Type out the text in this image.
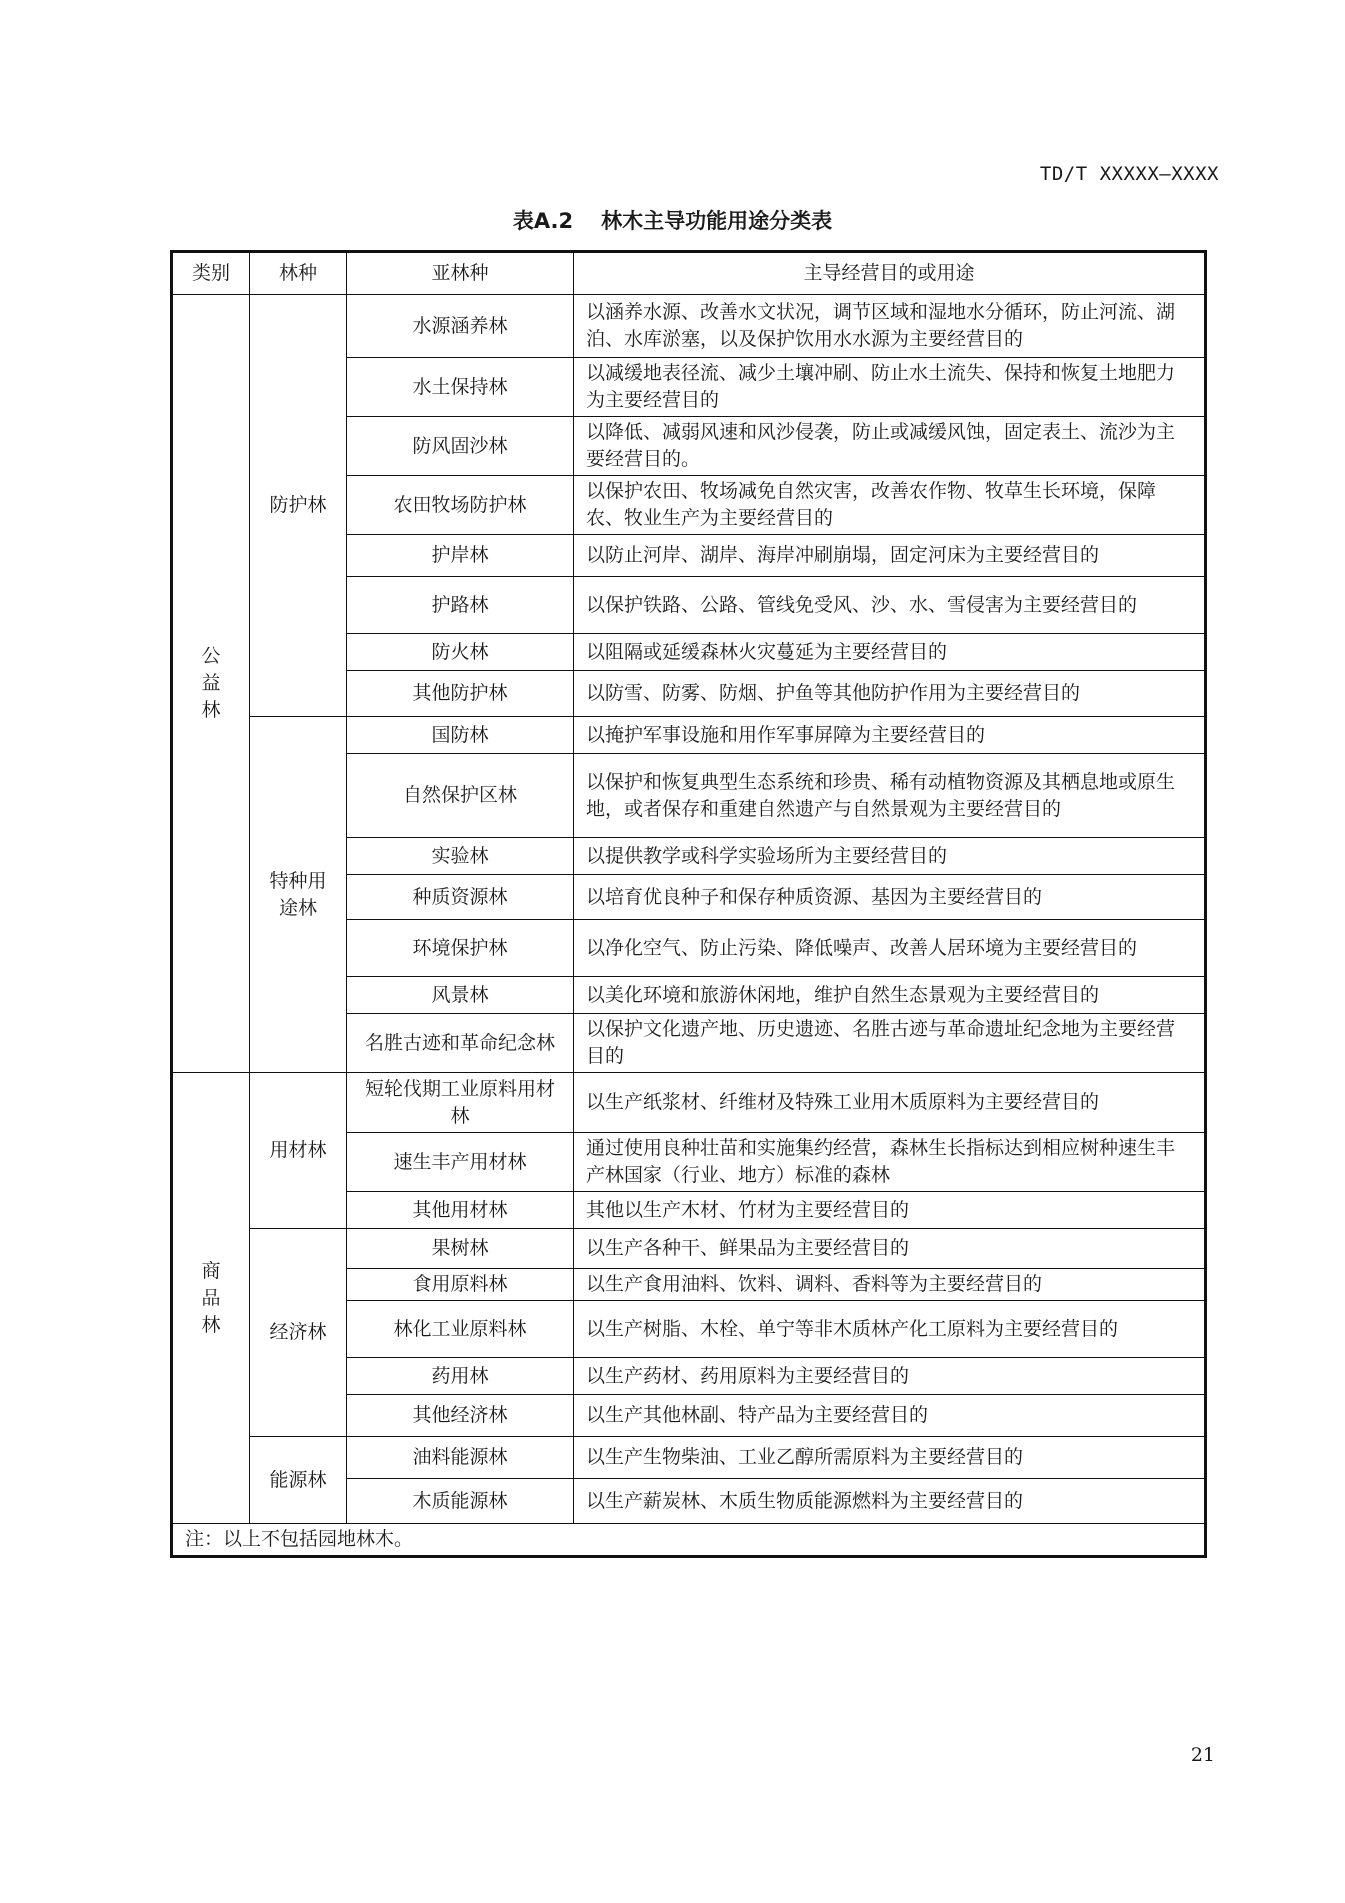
TD/T XXXXX—XXXX
表A.2 林木主导功能用途分类表
类别	林种	亚林种	主导经营目的或用途
公益林	防护林	水源涵养林	以涵养水源、改善水文状况，调节区域和湿地水分循环，防止河流、湖泊、水库淤塞，以及保护饮用水水源为主要经营目的
		水土保持林	以减缓地表径流、减少土壤冲刷、防止水土流失、保持和恢复土地肥力为主要经营目的
		防风固沙林	以降低、减弱风速和风沙侵袭，防止或减缓风蚀，固定表土、流沙为主要经营目的。
		农田牧场防护林	以保护农田、牧场减免自然灾害，改善农作物、牧草生长环境，保障农、牧业生产为主要经营目的
		护岸林	以防止河岸、湖岸、海岸冲刷崩塌，固定河床为主要经营目的
		护路林	以保护铁路、公路、管线免受风、沙、水、雪侵害为主要经营目的
		防火林	以阻隔或延缓森林火灾蔓延为主要经营目的
		其他防护林	以防雪、防雾、防烟、护鱼等其他防护作用为主要经营目的
	特种用途林	国防林	以掩护军事设施和用作军事屏障为主要经营目的
		自然保护区林	以保护和恢复典型生态系统和珍贵、稀有动植物资源及其栖息地或原生地，或者保存和重建自然遗产与自然景观为主要经营目的
		实验林	以提供教学或科学实验场所为主要经营目的
		种质资源林	以培育优良种子和保存种质资源、基因为主要经营目的
		环境保护林	以净化空气、防止污染、降低噪声、改善人居环境为主要经营目的
		风景林	以美化环境和旅游休闲地，维护自然生态景观为主要经营目的
		名胜古迹和革命纪念林	以保护文化遗产地、历史遗迹、名胜古迹与革命遗址纪念地为主要经营目的
商品林	用材林	短轮伐期工业原料用材林	以生产纸浆材、纤维材及特殊工业用木质原料为主要经营目的
		速生丰产用材林	通过使用良种壮苗和实施集约经营，森林生长指标达到相应树种速生丰产林国家（行业、地方）标准的森林
		其他用材林	其他以生产木材、竹材为主要经营目的
	经济林	果树林	以生产各种干、鲜果品为主要经营目的
		食用原料林	以生产食用油料、饮料、调料、香料等为主要经营目的
		林化工业原料林	以生产树脂、木栓、单宁等非木质林产化工原料为主要经营目的
		药用林	以生产药材、药用原料为主要经营目的
		其他经济林	以生产其他林副、特产品为主要经营目的
	能源林	油料能源林	以生产生物柴油、工业乙醇所需原料为主要经营目的
		木质能源林	以生产薪炭林、木质生物质能源燃料为主要经营目的
注：以上不包括园地林木。			
21
